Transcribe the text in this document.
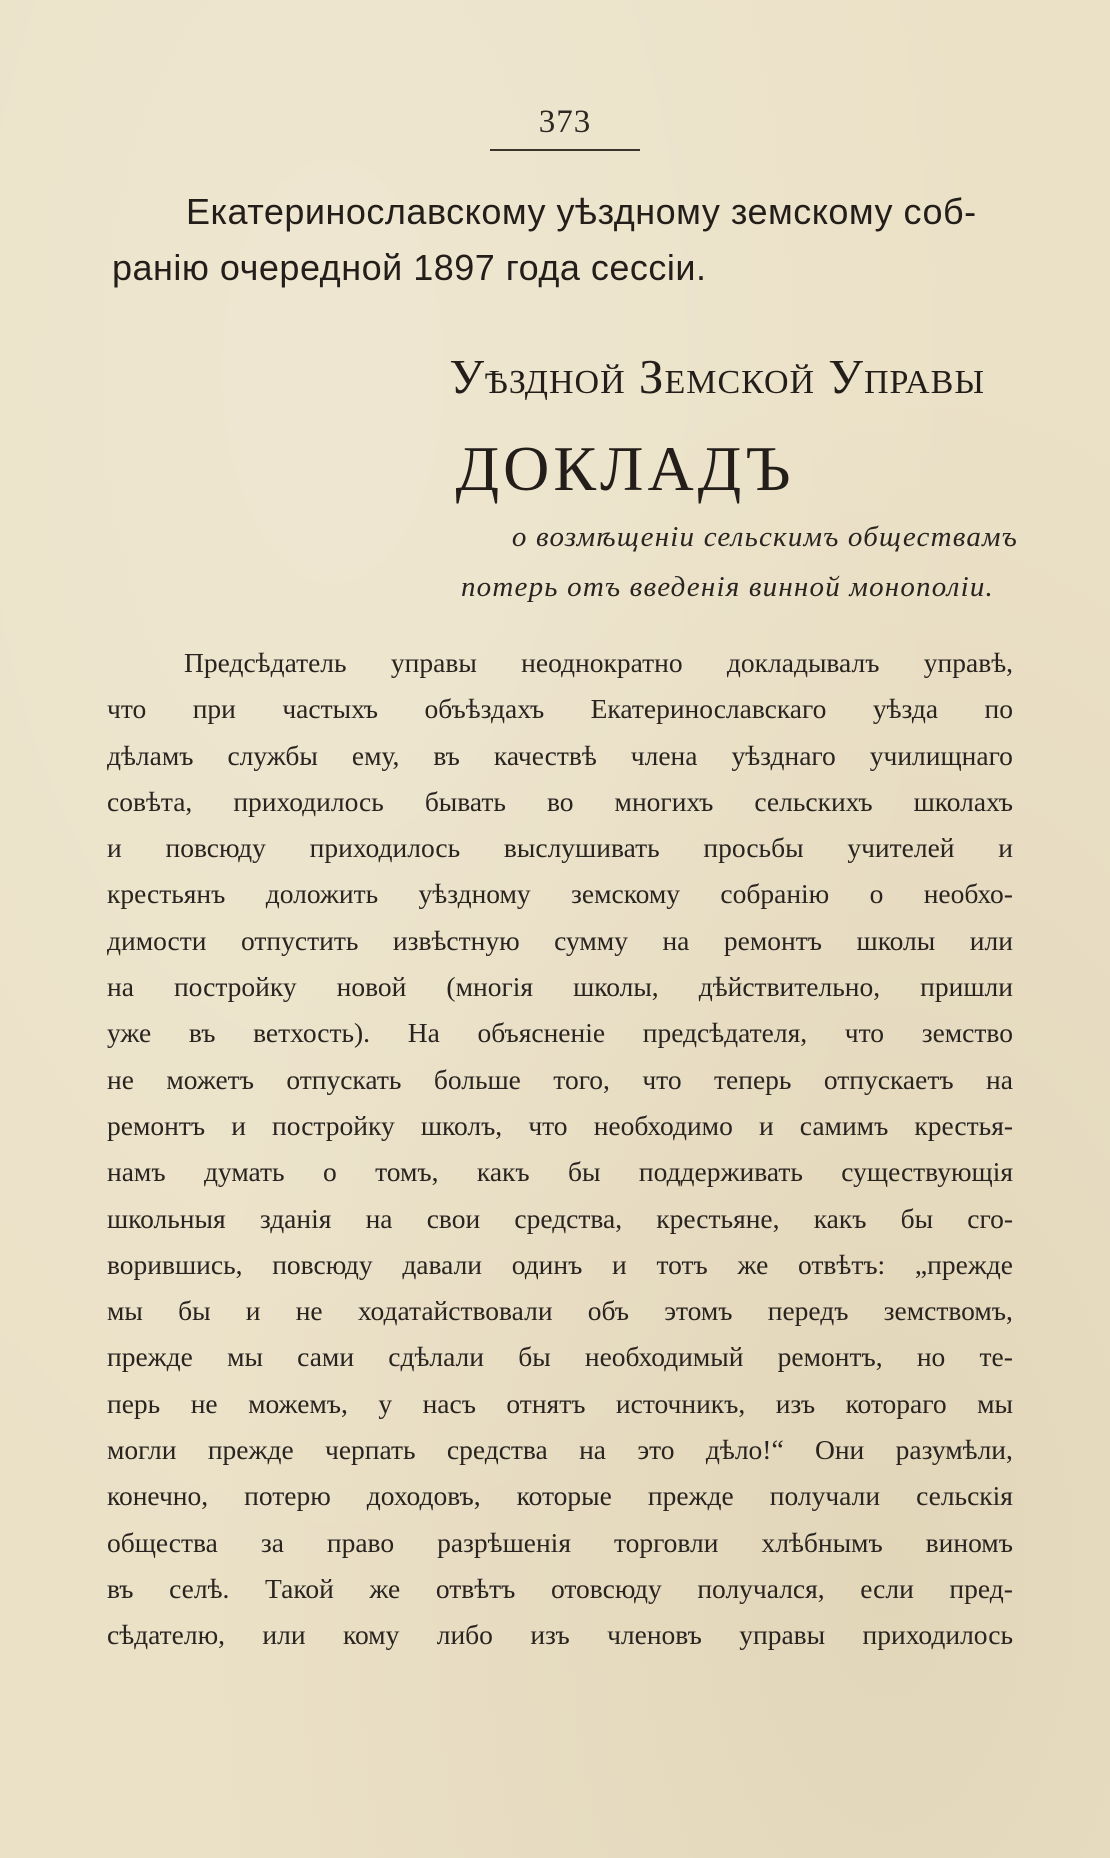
373
Екатеринославскому уѣздному земскому соб-
ранію очередной 1897 года сессіи.
Уѣздной Земской Управы
ДОКЛАДЪ
о возмѣщеніи сельскимъ обществамъ
потерь отъ введенія винной монополіи.
Предсѣдатель управы неоднократно докладывалъ управѣ,
что при частыхъ объѣздахъ Екатеринославскаго уѣзда по
дѣламъ службы ему, въ качествѣ члена уѣзднаго училищнаго
совѣта, приходилось бывать во многихъ сельскихъ школахъ
и повсюду приходилось выслушивать просьбы учителей и
крестьянъ доложить уѣздному земскому собранію о необхо-
димости отпустить извѣстную сумму на ремонтъ школы или
на постройку новой (многія школы, дѣйствительно, пришли
уже въ ветхость). На объясненіе предсѣдателя, что земство
не можетъ отпускать больше того, что теперь отпускаетъ на
ремонтъ и постройку школъ, что необходимо и самимъ крестья-
намъ думать о томъ, какъ бы поддерживать существующія
школьныя зданія на свои средства, крестьяне, какъ бы сго-
ворившись, повсюду давали одинъ и тотъ же отвѣтъ: „прежде
мы бы и не ходатайствовали объ этомъ передъ земствомъ,
прежде мы сами сдѣлали бы необходимый ремонтъ, но те-
перь не можемъ, у насъ отнятъ источникъ, изъ котораго мы
могли прежде черпать средства на это дѣло!“ Они разумѣли,
конечно, потерю доходовъ, которые прежде получали сельскія
общества за право разрѣшенія торговли хлѣбнымъ виномъ
въ селѣ. Такой же отвѣтъ отовсюду получался, если пред-
сѣдателю, или кому либо изъ членовъ управы приходилось
